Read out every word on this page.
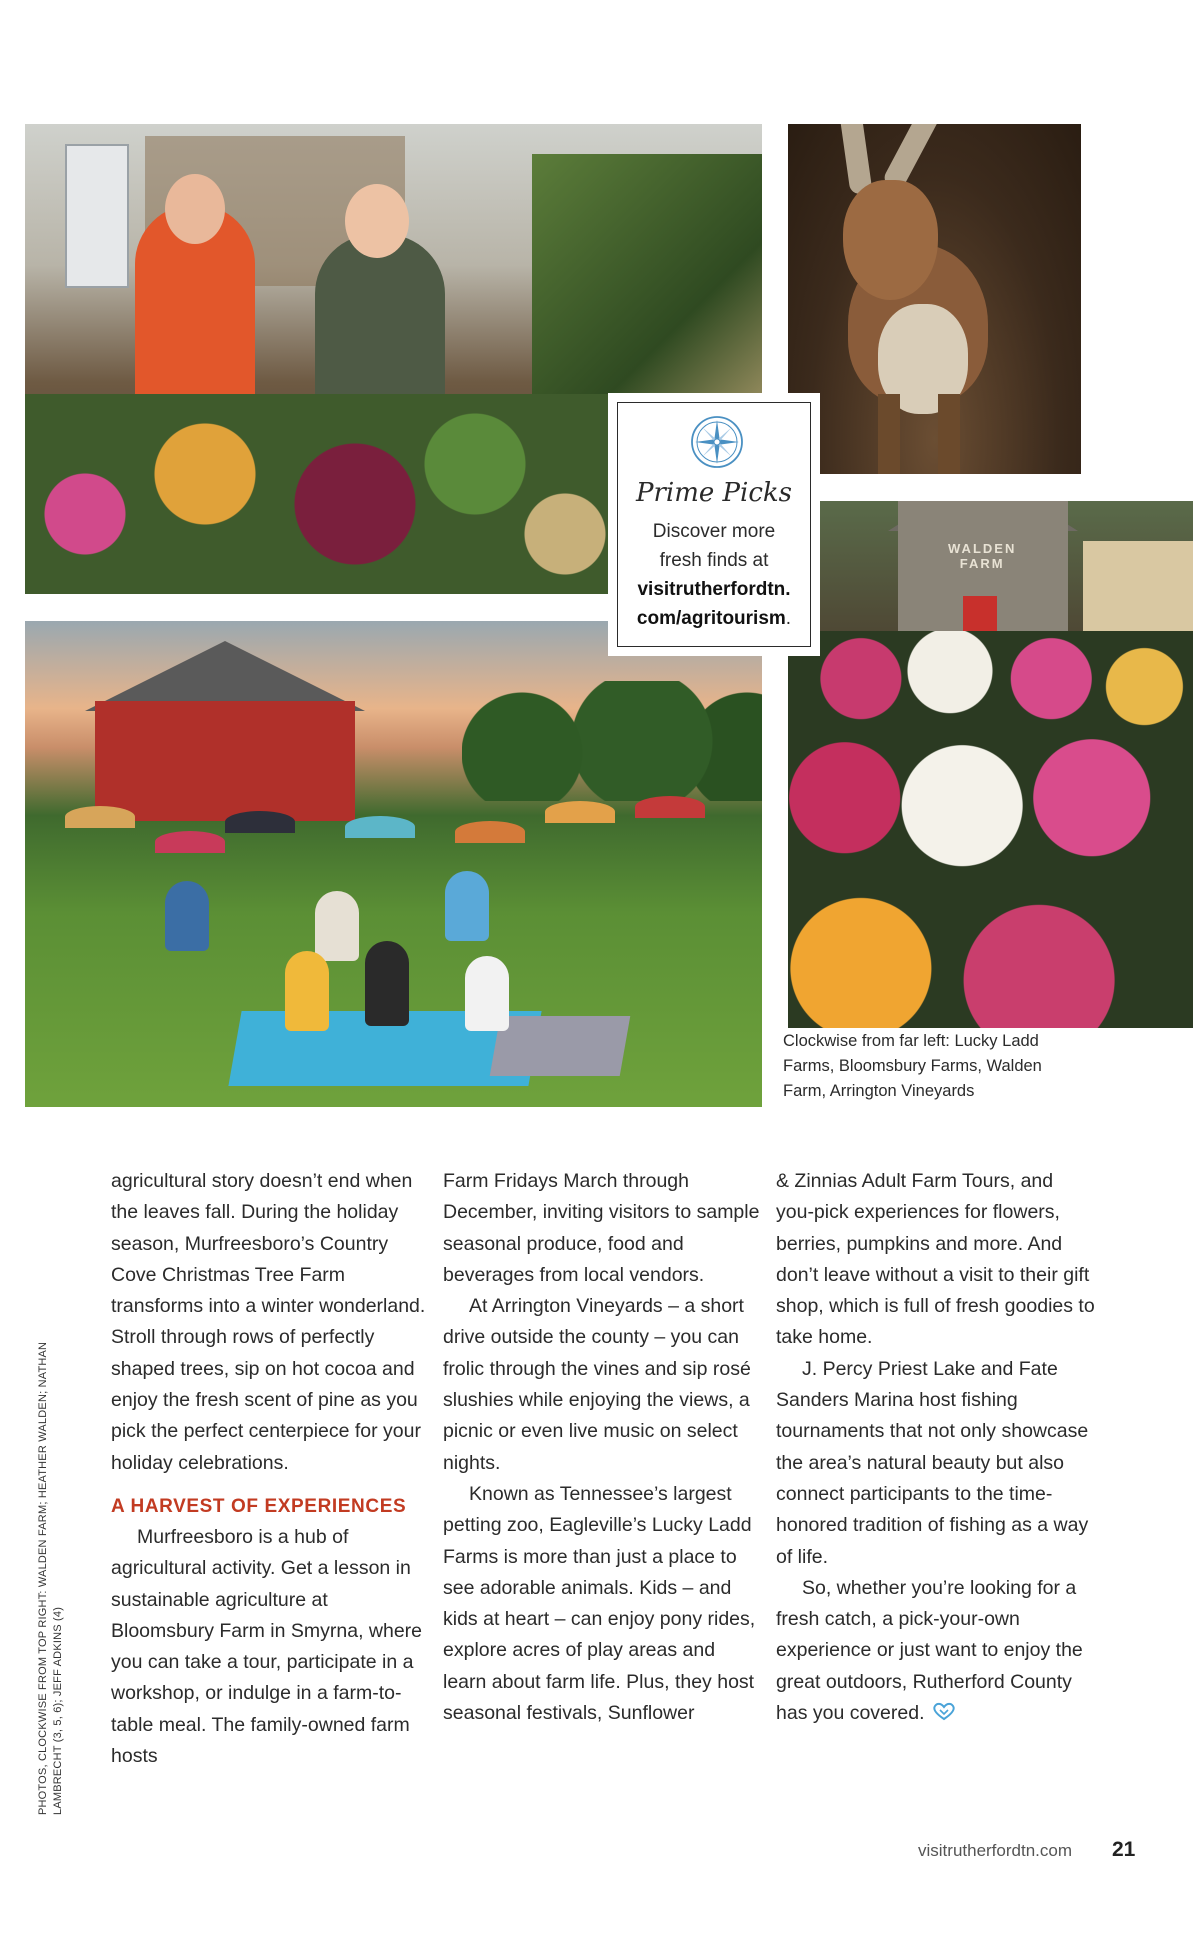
WALDEN
FARM
Prime Picks
Discover more
fresh finds at
visitrutherfordtn.
com/agritourism.
Clockwise from far left: Lucky Ladd Farms, Bloomsbury Farms, Walden Farm, Arrington Vineyards
PHOTOS, CLOCKWISE FROM TOP RIGHT: WALDEN FARM; HEATHER WALDEN; NATHAN LAMBRECHT (3, 5, 6); JEFF ADKINS (4)

agricultural story doesn’t end when the leaves fall. During the holiday season, Murfreesboro’s Country Cove Christmas Tree Farm transforms into a winter wonderland. Stroll through rows of perfectly shaped trees, sip on hot cocoa and enjoy the fresh scent of pine as you pick the perfect centerpiece for your holiday celebrations.

A HARVEST OF EXPERIENCES

Murfreesboro is a hub of agricultural activity. Get a lesson in sustainable agriculture at Bloomsbury Farm in Smyrna, where you can take a tour, participate in a workshop, or indulge in a farm-to-table meal. The family-owned farm hosts

Farm Fridays March through December, inviting visitors to sample seasonal produce, food and beverages from local vendors.

At Arrington Vineyards – a short drive outside the county – you can frolic through the vines and sip rosé slushies while enjoying the views, a picnic or even live music on select nights.

Known as Tennessee’s largest petting zoo, Eagleville’s Lucky Ladd Farms is more than just a place to see adorable animals. Kids – and kids at heart – can enjoy pony rides, explore acres of play areas and learn about farm life. Plus, they host seasonal festivals, Sunflower

& Zinnias Adult Farm Tours, and you-pick experiences for flowers, berries, pumpkins and more. And don’t leave without a visit to their gift shop, which is full of fresh goodies to take home.

J. Percy Priest Lake and Fate Sanders Marina host fishing tournaments that not only showcase the area’s natural beauty but also connect participants to the time-honored tradition of fishing as a way of life.

So, whether you’re looking for a fresh catch, a pick-your-own experience or just want to enjoy the great outdoors, Rutherford County has you covered.

visitrutherfordtn.com 21
